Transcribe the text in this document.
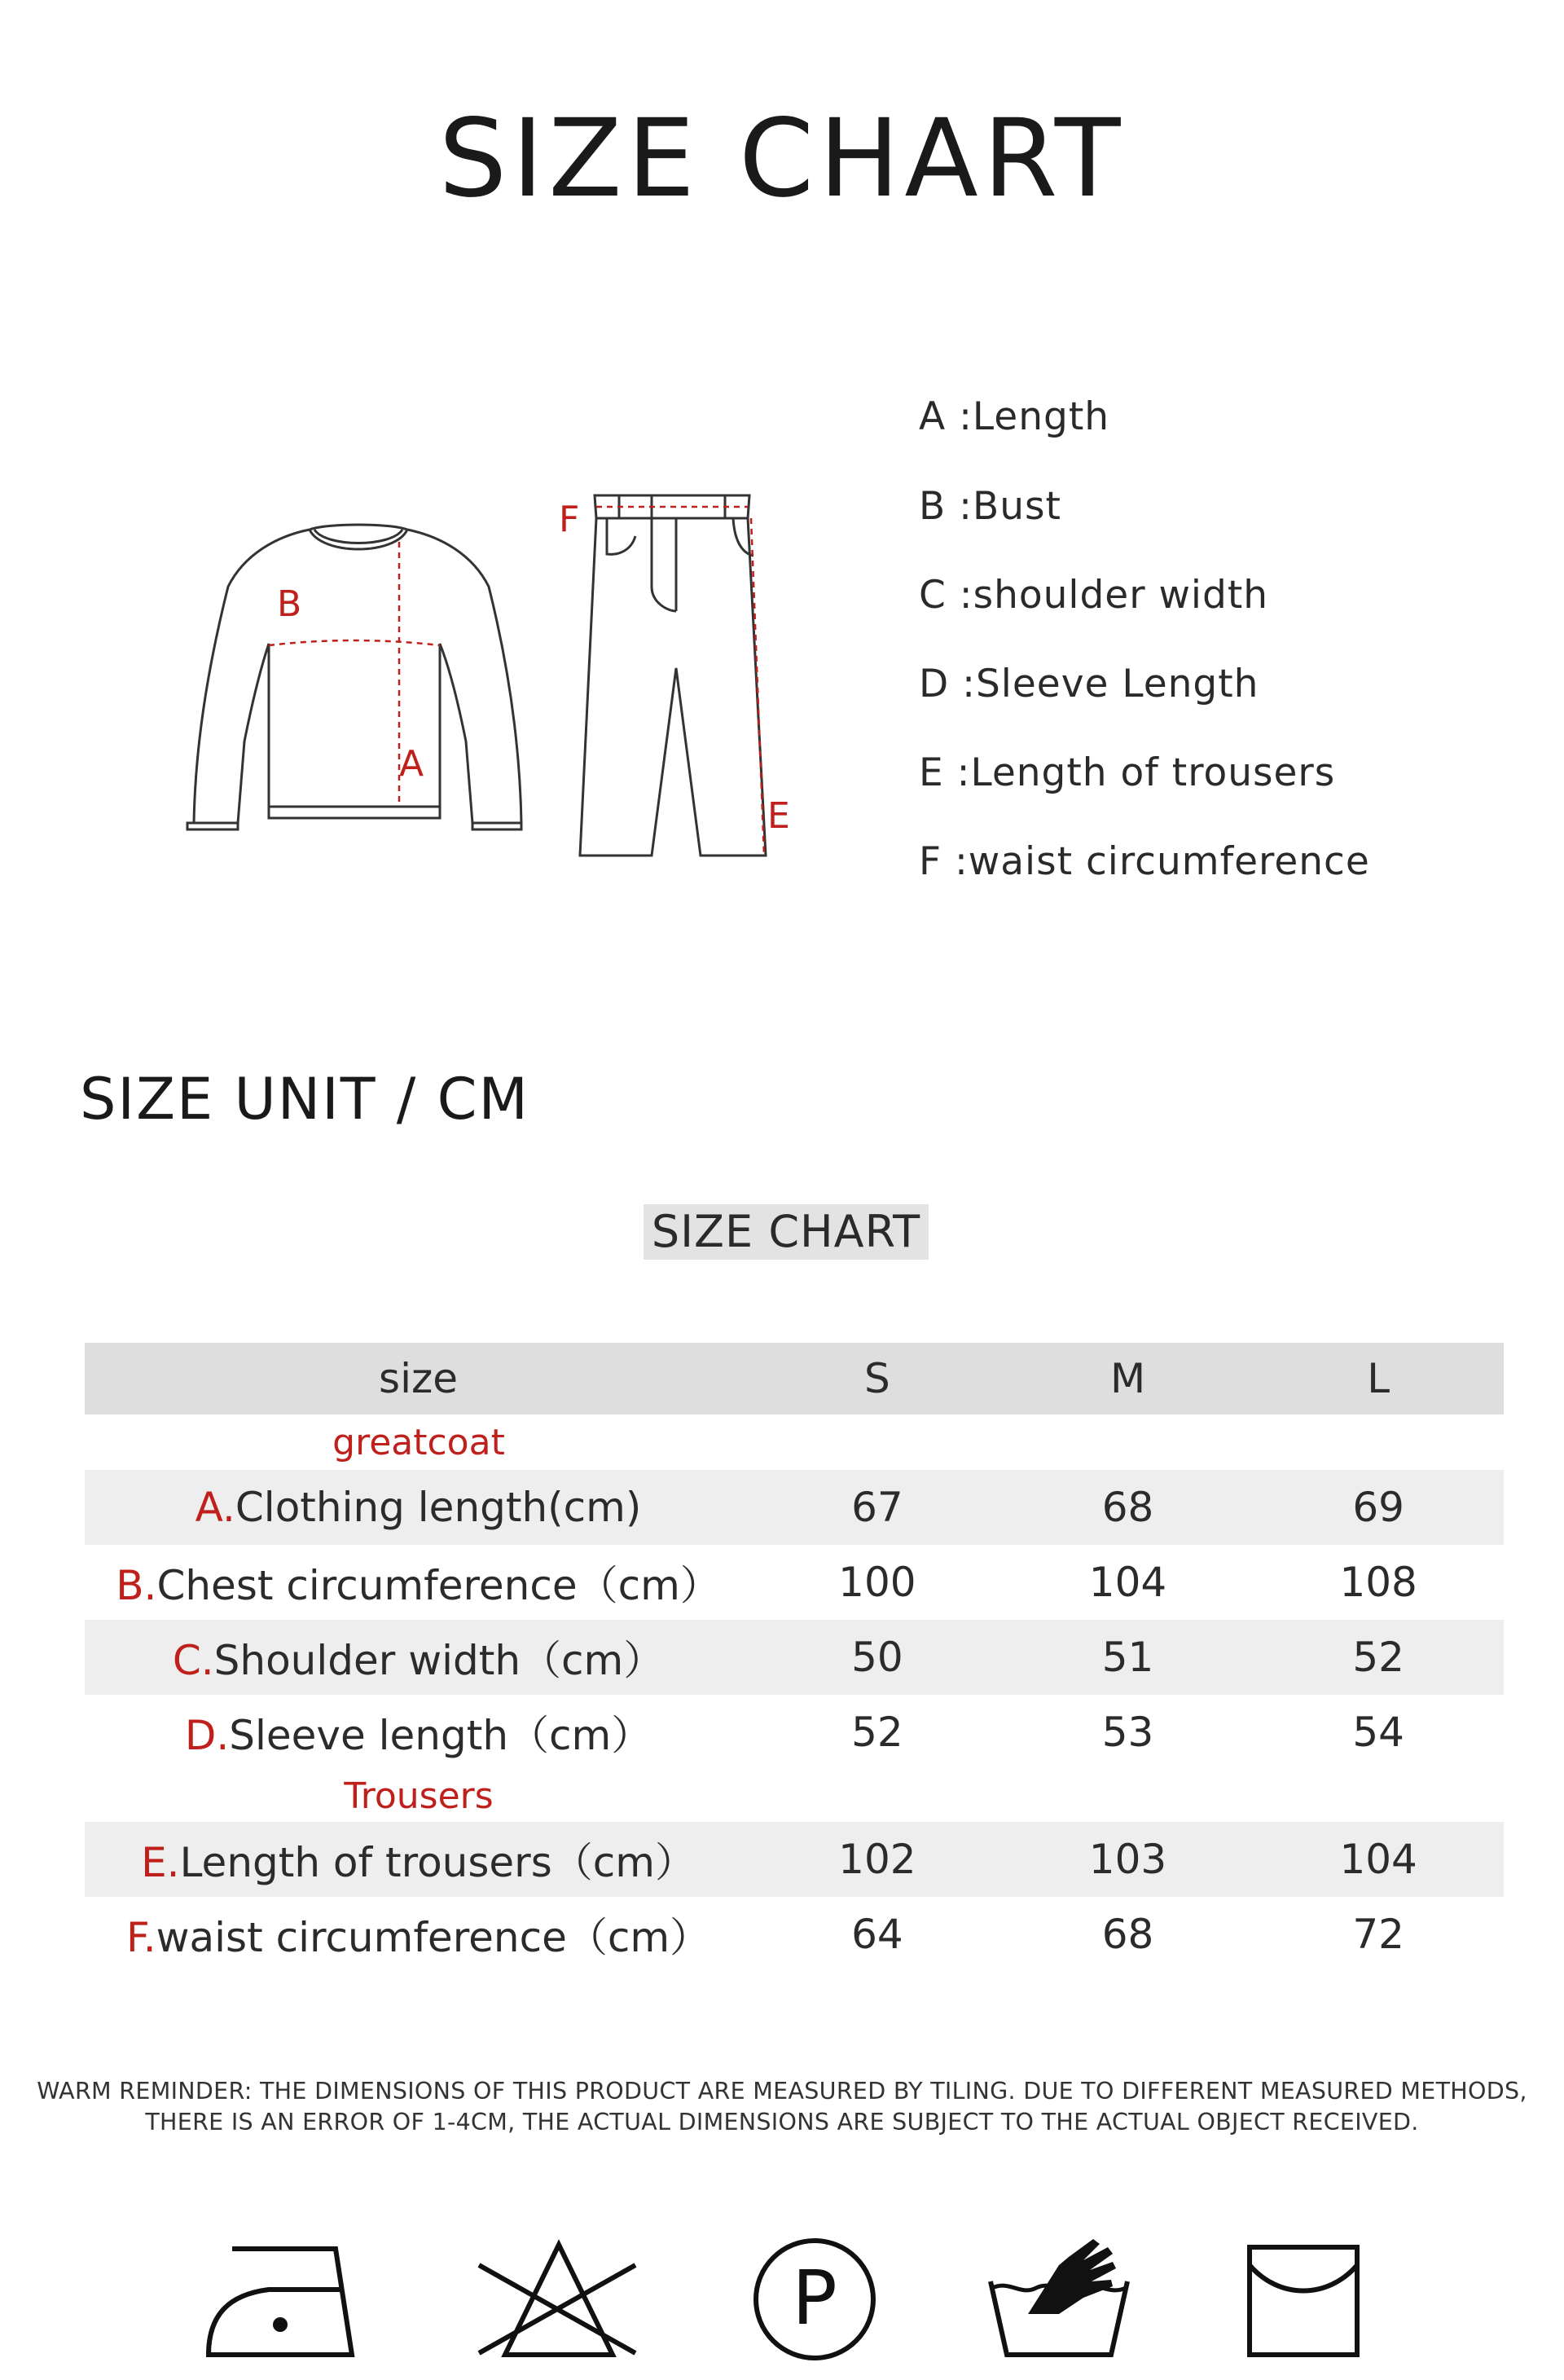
SIZE CHART
B
A
F
E
A :Length
B :Bust
C :shoulder width
D :Sleeve Length
E :Length of trousers
F :waist circumference
SIZE UNIT / CM
SIZE CHART
size	S	M	L
greatcoat
A.Clothing length(cm)	67	68	69
B.Chest circumference（cm）	100	104	108
C.Shoulder width（cm）	50	51	52
D.Sleeve length（cm）	52	53	54
Trousers
E.Length of trousers（cm）	102	103	104
F.waist circumference（cm）	64	68	72
WARM REMINDER: THE DIMENSIONS OF THIS PRODUCT ARE MEASURED BY TILING. DUE TO DIFFERENT MEASURED METHODS,
THERE IS AN ERROR OF 1-4CM, THE ACTUAL DIMENSIONS ARE SUBJECT TO THE ACTUAL OBJECT RECEIVED.
P
